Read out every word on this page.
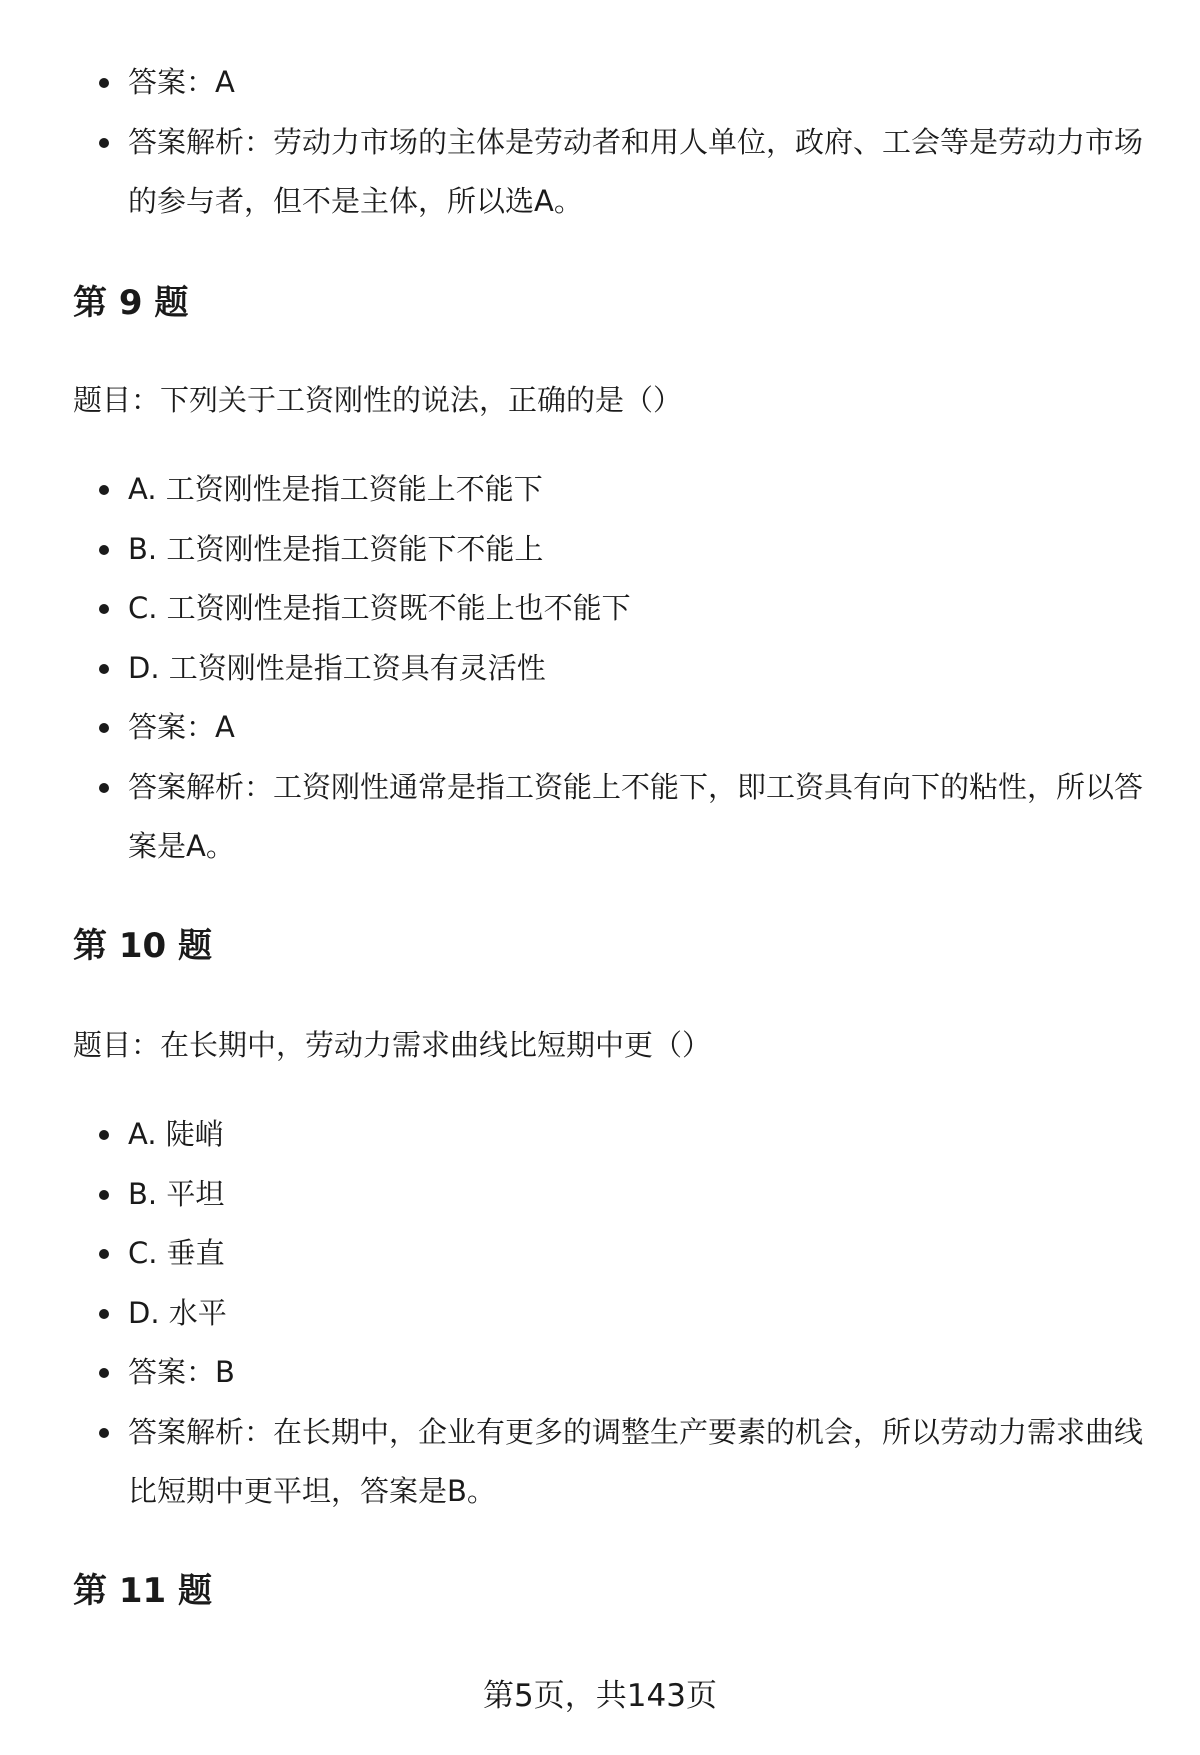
答案：A
答案解析：劳动力市场的主体是劳动者和用人单位，政府、工会等是劳动力市场的参与者，但不是主体，所以选A。
第 9 题

题目：下列关于工资刚性的说法，正确的是（）

A. 工资刚性是指工资能上不能下
B. 工资刚性是指工资能下不能上
C. 工资刚性是指工资既不能上也不能下
D. 工资刚性是指工资具有灵活性
答案：A
答案解析：工资刚性通常是指工资能上不能下，即工资具有向下的粘性，所以答案是A。
第 10 题

题目：在长期中，劳动力需求曲线比短期中更（）

A. 陡峭
B. 平坦
C. 垂直
D. 水平
答案：B
答案解析：在长期中，企业有更多的调整生产要素的机会，所以劳动力需求曲线比短期中更平坦，答案是B。
第 11 题
第5页，共143页
